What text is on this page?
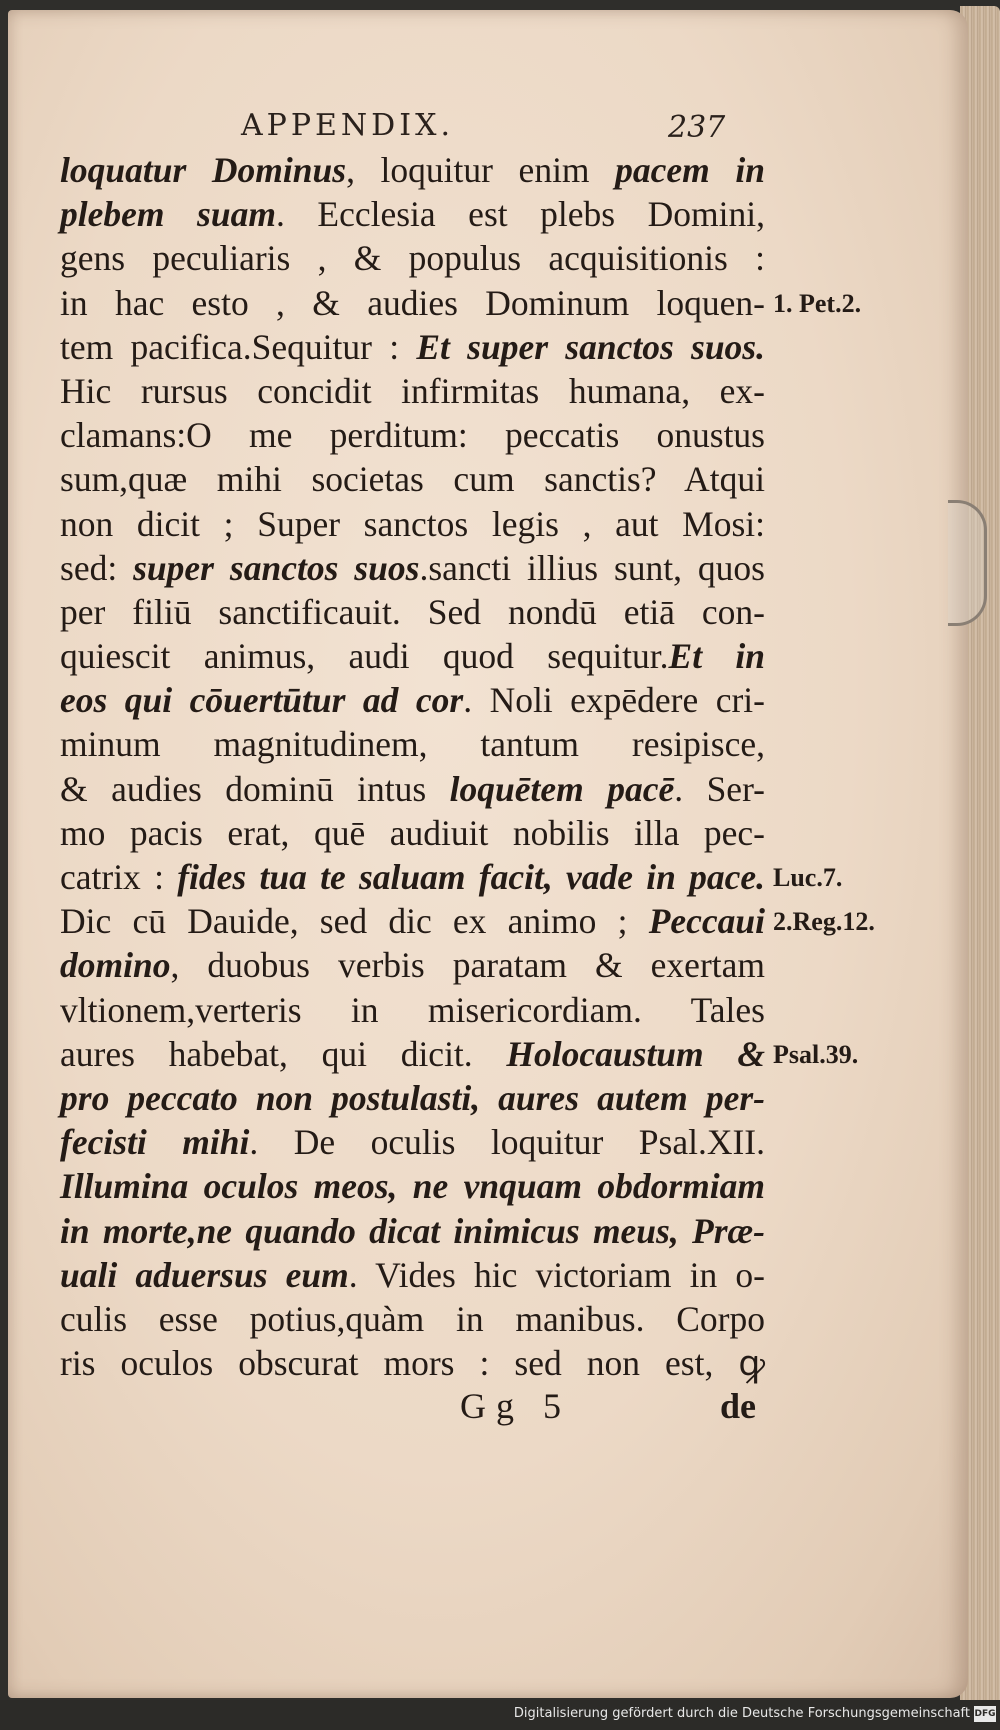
APPENDIX.	237
loquatur Dominus, loquitur enim pacem in
plebem suam. Ecclesia est plebs Domini,
gens peculiaris , & populus acquisitionis :
in hac esto , & audies Dominum loquen-
tem pacifica.Sequitur : Et super sanctos suos.
Hic rursus concidit infirmitas humana, ex-
clamans:O me perditum: peccatis onustus
sum,quæ mihi societas cum sanctis? Atqui
non dicit ; Super sanctos legis , aut Mosi:
sed: super sanctos suos.sancti illius sunt, quos
per filiū sanctificauit. Sed nondū etiā con-
quiescit animus, audi quod sequitur.Et in
eos qui cōuertūtur ad cor. Noli expēdere cri-
minum magnitudinem, tantum resipisce,
& audies dominū intus loquētem pacē. Ser-
mo pacis erat, quē audiuit nobilis illa pec-
catrix : fides tua te saluam facit, vade in pace.
Dic cū Dauide, sed dic ex animo ; Peccaui
domino, duobus verbis paratam & exertam
vltionem,verteris in misericordiam. Tales
aures habebat, qui dicit. Holocaustum &
pro peccato non postulasti, aures autem per-
fecisti mihi. De oculis loquitur Psal.XII.
Illumina oculos meos, ne vnquam obdormiam
in morte,ne quando dicat inimicus meus, Præ-
uali aduersus eum. Vides hic victoriam in o-
culis esse potius,quàm in manibus. Corpo
ris oculos obscurat mors : sed non est, ꝙ
1. Pet.2.
Luc.7.
2.Reg.12.
Psal.39.
Gg 5	de
Digitalisierung gefördert durch die Deutsche Forschungsgemeinschaft DFG
